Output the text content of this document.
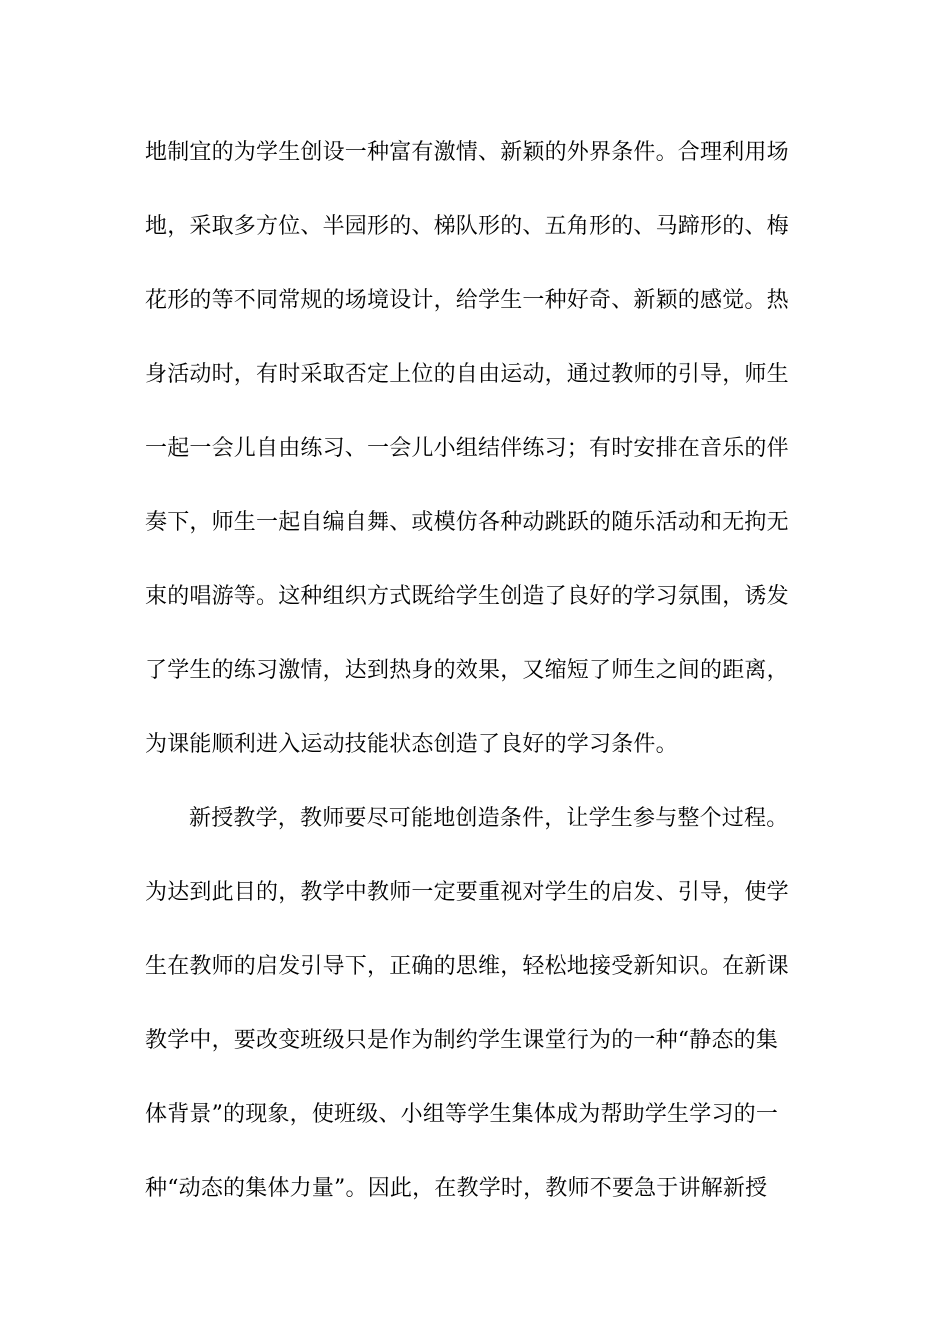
地制宜的为学生创设一种富有激情、新颖的外界条件。合理利用场
地，采取多方位、半园形的、梯队形的、五角形的、马蹄形的、梅
花形的等不同常规的场境设计，给学生一种好奇、新颖的感觉。热
身活动时，有时采取否定上位的自由运动，通过教师的引导，师生
一起一会儿自由练习、一会儿小组结伴练习；有时安排在音乐的伴
奏下，师生一起自编自舞、或模仿各种动跳跃的随乐活动和无拘无
束的唱游等。这种组织方式既给学生创造了良好的学习氛围，诱发
了学生的练习激情，达到热身的效果，又缩短了师生之间的距离，
为课能顺利进入运动技能状态创造了良好的学习条件。
新授教学，教师要尽可能地创造条件，让学生参与整个过程。
为达到此目的，教学中教师一定要重视对学生的启发、引导，使学
生在教师的启发引导下，正确的思维，轻松地接受新知识。在新课
教学中，要改变班级只是作为制约学生课堂行为的一种“静态的集
体背景”的现象，使班级、小组等学生集体成为帮助学生学习的一
种“动态的集体力量”。因此，在教学时，教师不要急于讲解新授
